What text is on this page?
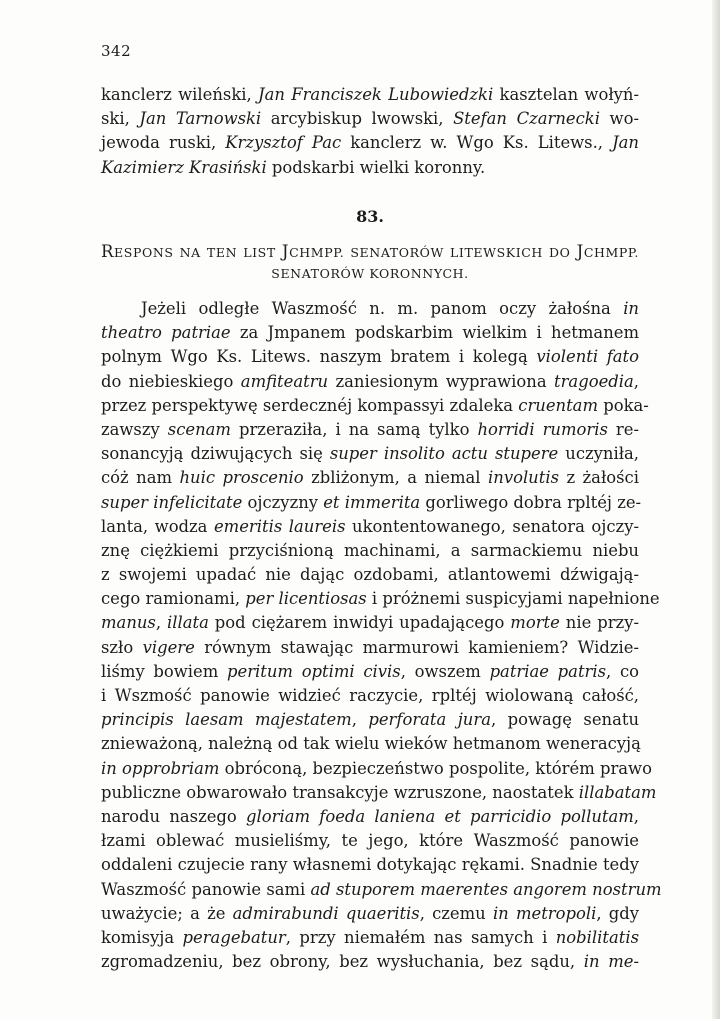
342
kanclerz wileński, Jan Franciszek Lubowiedzki kasztelan wołyń-
ski, Jan Tarnowski arcybiskup lwowski, Stefan Czarnecki wo-
jewoda ruski, Krzysztof Pac kanclerz w. Wgo Ks. Litews., Jan
Kazimierz Krasiński podskarbi wielki koronny.
83.
RESPONS NA TEN LIST JCHMPP. SENATORÓW LITEWSKICH DO JCHMPP.
SENATORÓW KORONNYCH.
Jeżeli odległe Waszmość n. m. panom oczy żałośna in
theatro patriae za Jmpanem podskarbim wielkim i hetmanem
polnym Wgo Ks. Litews. naszym bratem i kolegą violenti fato
do niebieskiego amfiteatru zaniesionym wyprawiona tragoedia,
przez perspektywę serdecznéj kompassyi zdaleka cruentam poka-
zawszy scenam przeraziła, i na samą tylko horridi rumoris re-
sonancyją dziwujących się super insolito actu stupere uczyniła,
cóż nam huic proscenio zbliżonym, a niemal involutis z żałości
super infelicitate ojczyzny et immerita gorliwego dobra rpltéj ze-
lanta, wodza emeritis laureis ukontentowanego, senatora ojczy-
znę ciężkiemi przyciśnioną machinami, a sarmackiemu niebu
z swojemi upadać nie dając ozdobami, atlantowemi dźwigają-
cego ramionami, per licentiosas i próżnemi suspicyjami napełnione
manus, illata pod ciężarem inwidyi upadającego morte nie przy-
szło vigere równym stawając marmurowi kamieniem? Widzie-
liśmy bowiem peritum optimi civis, owszem patriae patris, co
i Wszmość panowie widzieć raczycie, rpltéj wiolowaną całość,
principis laesam majestatem, perforata jura, powagę senatu
znieważoną, należną od tak wielu wieków hetmanom weneracyją
in opprobriam obróconą, bezpieczeństwo pospolite, którém prawo
publiczne obwarowało transakcyje wzruszone, naostatek illabatam
narodu naszego gloriam foeda laniena et parricidio pollutam,
łzami oblewać musieliśmy, te jego, które Waszmość panowie
oddaleni czujecie rany własnemi dotykając rękami. Snadnie tedy
Waszmość panowie sami ad stuporem maerentes angorem nostrum
uważycie; a że admirabundi quaeritis, czemu in metropoli, gdy
komisyja peragebatur, przy niemałém nas samych i nobilitatis
zgromadzeniu, bez obrony, bez wysłuchania, bez sądu, in me-
